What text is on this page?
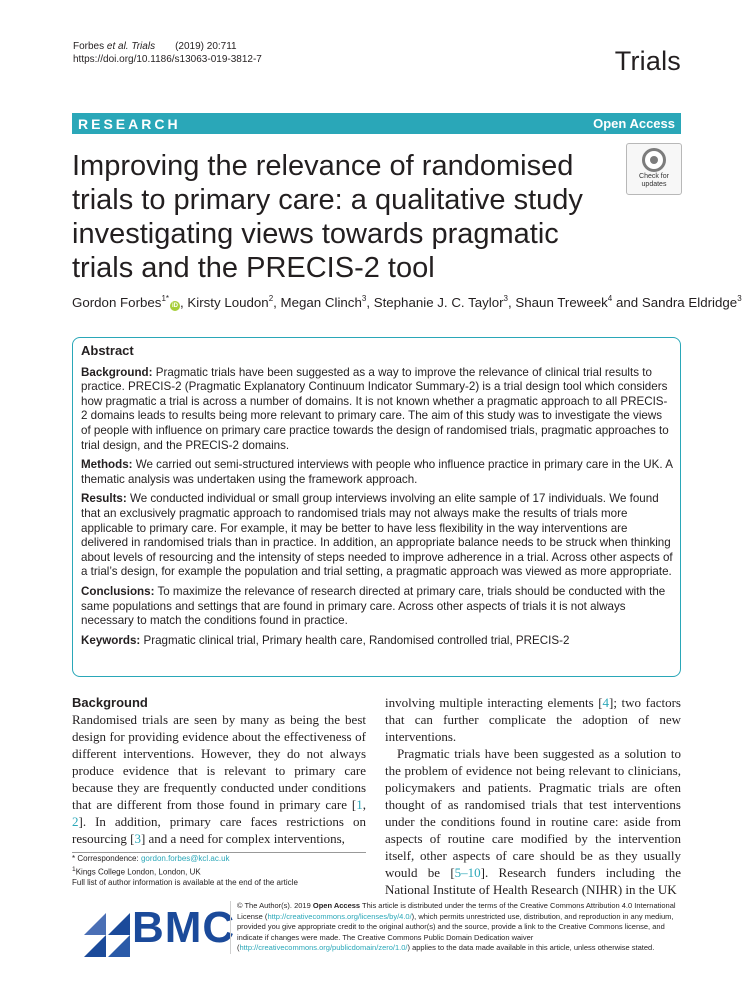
Forbes et al. Trials (2019) 20:711
https://doi.org/10.1186/s13063-019-3812-7	Trials
RESEARCH	Open Access
Improving the relevance of randomised trials to primary care: a qualitative study investigating views towards pragmatic trials and the PRECIS-2 tool
Check for
updates
Gordon Forbes$^{1*}$iD , Kirsty Loudon$^2$, Megan Clinch$^3$, Stephanie J. C. Taylor$^3$, Shaun Treweek$^4$ and Sandra Eldridge$^3$
Abstract

Background: Pragmatic trials have been suggested as a way to improve the relevance of clinical trial results to practice. PRECIS-2 (Pragmatic Explanatory Continuum Indicator Summary-2) is a trial design tool which considers how pragmatic a trial is across a number of domains. It is not known whether a pragmatic approach to all PRECIS-2 domains leads to results being more relevant to primary care. The aim of this study was to investigate the views of people with influence on primary care practice towards the design of randomised trials, pragmatic approaches to trial design, and the PRECIS-2 domains.

Methods: We carried out semi-structured interviews with people who influence practice in primary care in the UK. A thematic analysis was undertaken using the framework approach.

Results: We conducted individual or small group interviews involving an elite sample of 17 individuals. We found that an exclusively pragmatic approach to randomised trials may not always make the results of trials more applicable to primary care. For example, it may be better to have less flexibility in the way interventions are delivered in randomised trials than in practice. In addition, an appropriate balance needs to be struck when thinking about levels of resourcing and the intensity of steps needed to improve adherence in a trial. Across other aspects of a trial’s design, for example the population and trial setting, a pragmatic approach was viewed as more appropriate.

Conclusions: To maximize the relevance of research directed at primary care, trials should be conducted with the same populations and settings that are found in primary care. Across other aspects of trials it is not always necessary to match the conditions found in practice.

Keywords: Pragmatic clinical trial, Primary health care, Randomised controlled trial, PRECIS-2

Background

Randomised trials are seen by many as being the best design for providing evidence about the effectiveness of different interventions. However, they do not always produce evidence that is relevant to primary care because they are frequently conducted under conditions that are different from those found in primary care [1, 2]. In addition, primary care faces restrictions on resourcing [3] and a need for complex interventions,

involving multiple interacting elements [4]; two factors that can further complicate the adoption of new interventions.

Pragmatic trials have been suggested as a solution to the problem of evidence not being relevant to clinicians, policymakers and patients. Pragmatic trials are often thought of as randomised trials that test interventions under the conditions found in routine care: aside from aspects of routine care modified by the intervention itself, other aspects of care should be as they usually would be [5–10]. Research funders including the National Institute of Health Research (NIHR) in the UK

* Correspondence: gordon.forbes@kcl.ac.uk
$^1$Kings College London, London, UK
Full list of author information is available at the end of the article
BMC © The Author(s). 2019 Open Access This article is distributed under the terms of the Creative Commons Attribution 4.0 International License (http://creativecommons.org/licenses/by/4.0/), which permits unrestricted use, distribution, and reproduction in any medium, provided you give appropriate credit to the original author(s) and the source, provide a link to the Creative Commons license, and indicate if changes were made. The Creative Commons Public Domain Dedication waiver (http://creativecommons.org/publicdomain/zero/1.0/) applies to the data made available in this article, unless otherwise stated.
